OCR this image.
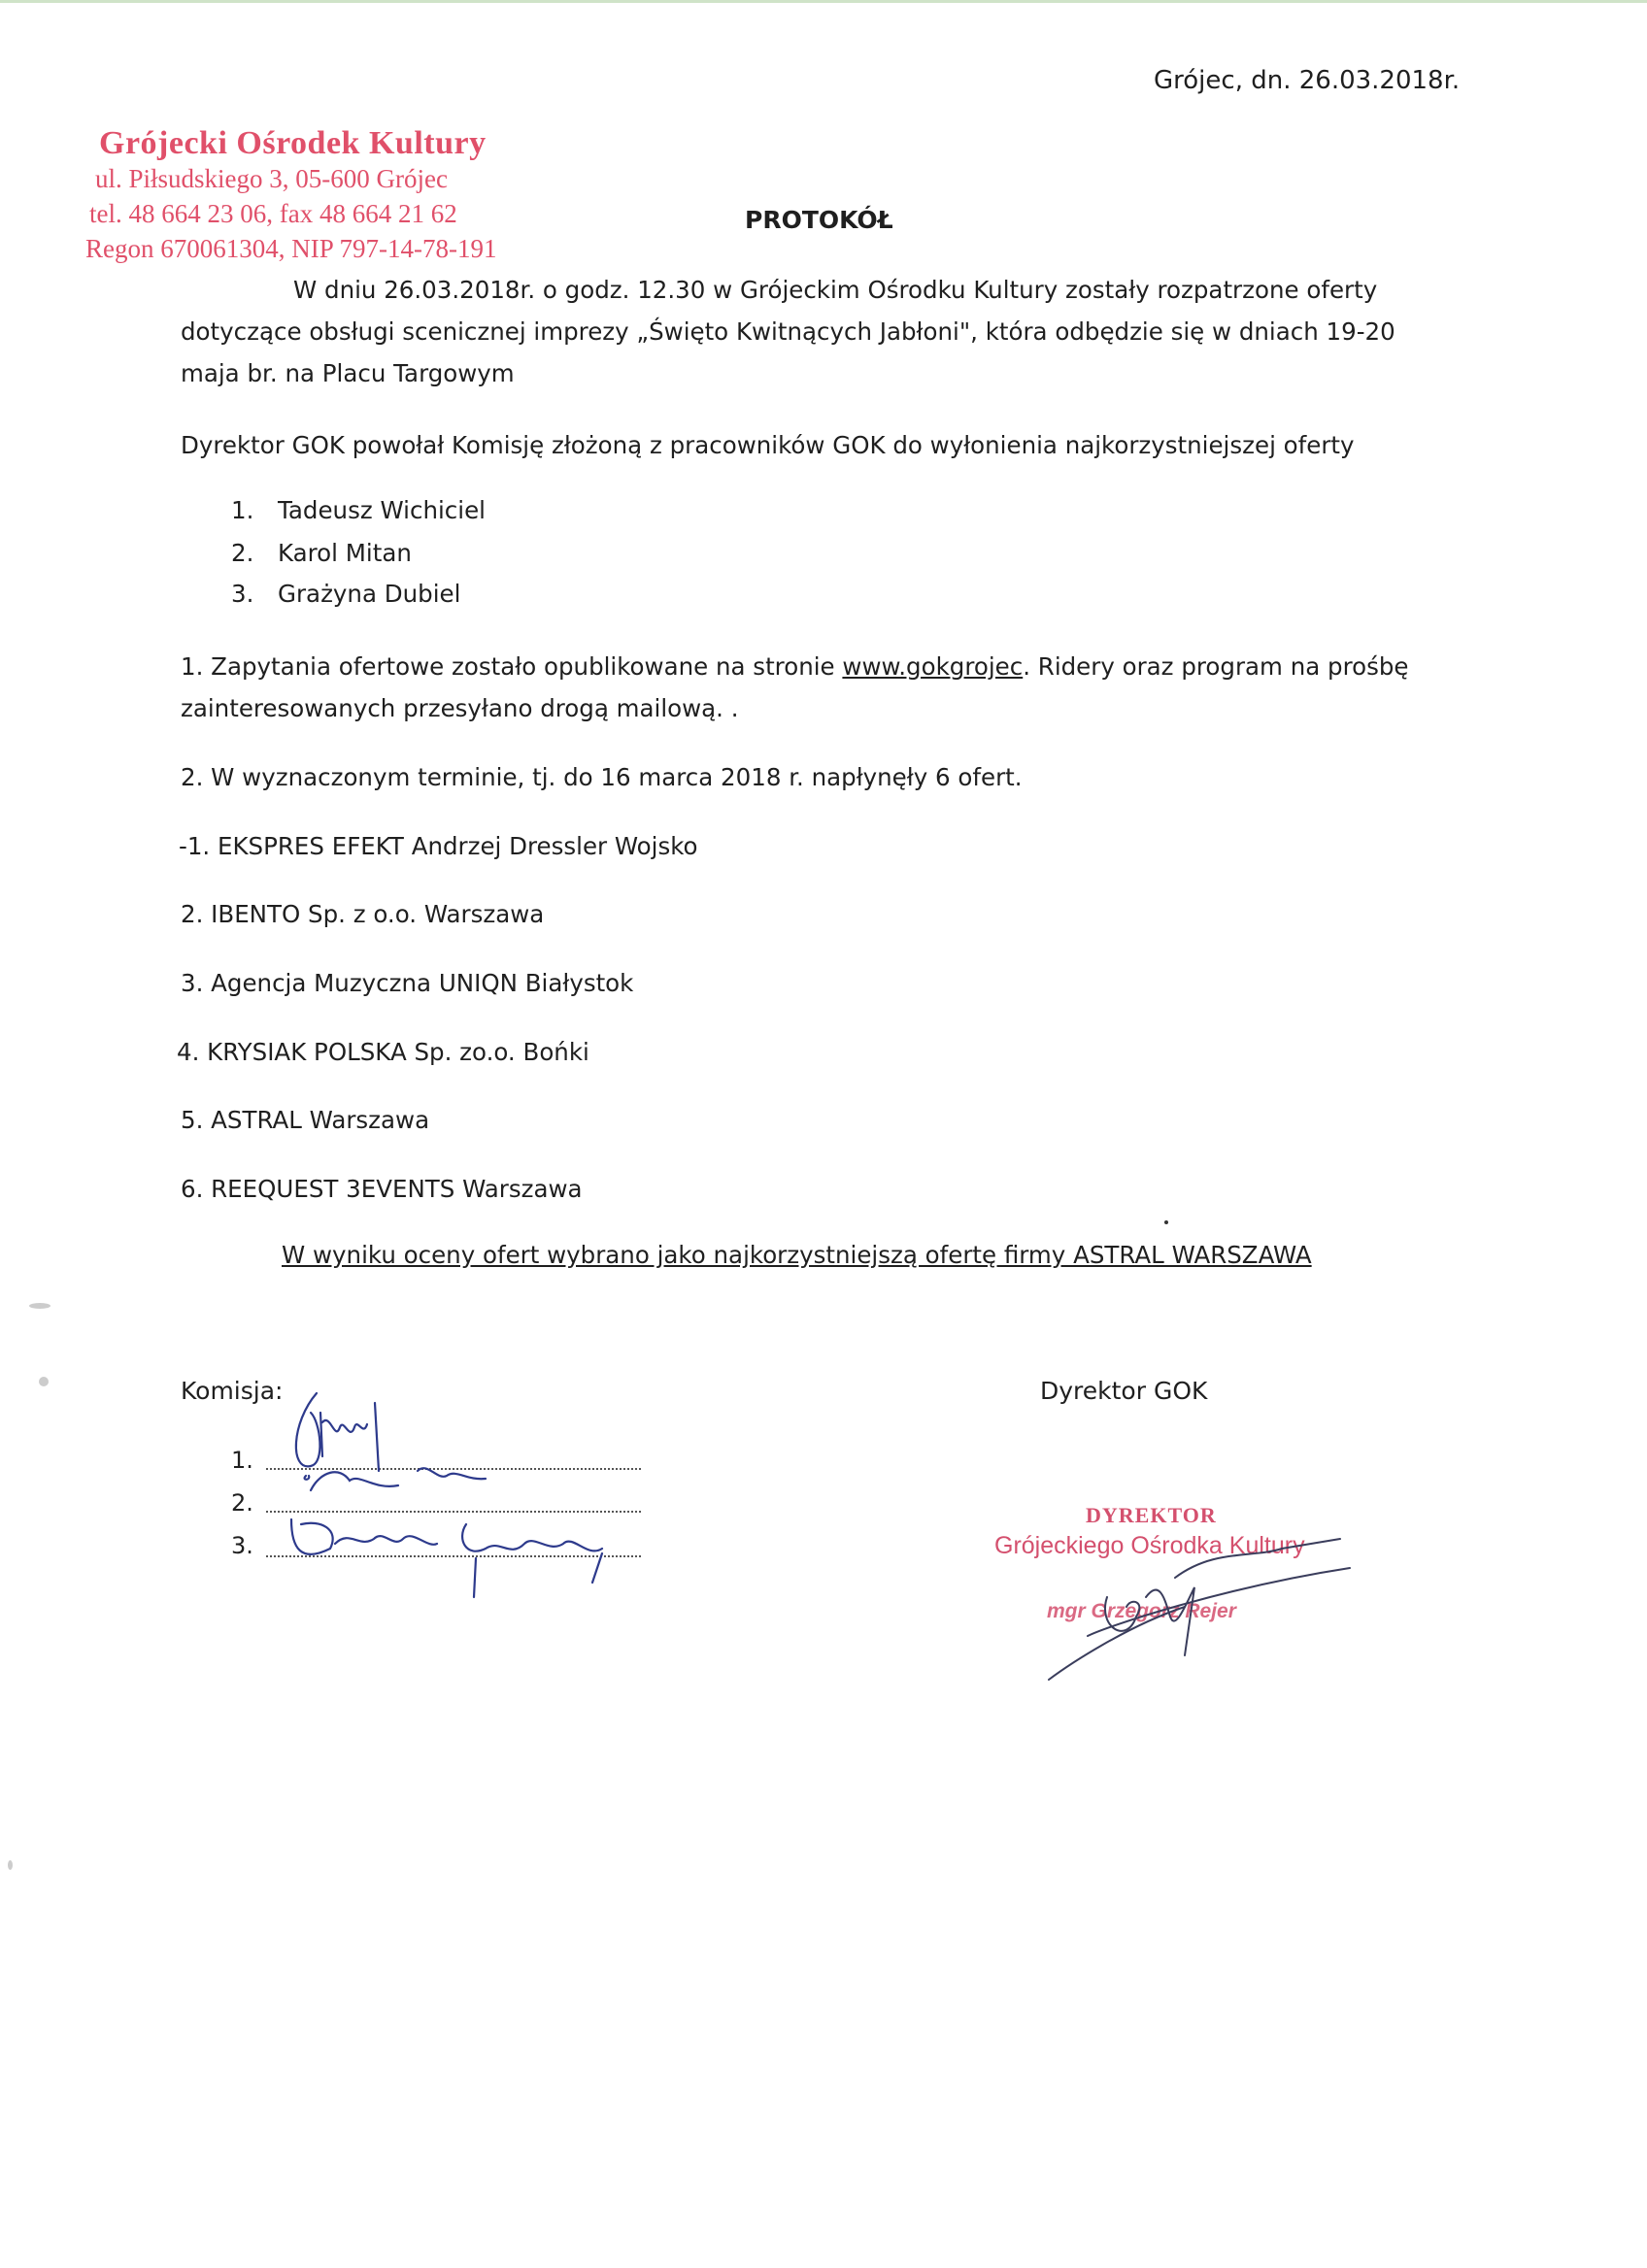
Grójecki Ośrodek Kultury
ul. Piłsudskiego 3, 05-600 Grójec
tel. 48 664 23 06, fax 48 664 21 62
Regon 670061304, NIP 797-14-78-191
Grójec, dn. 26.03.2018r.
PROTOKÓŁ
W dniu 26.03.2018r. o godz. 12.30 w Grójeckim Ośrodku Kultury zostały rozpatrzone oferty
dotyczące obsługi scenicznej imprezy „Święto Kwitnących Jabłoni", która odbędzie się w dniach 19-20
maja br. na Placu Targowym
Dyrektor GOK powołał Komisję złożoną z pracowników GOK do wyłonienia najkorzystniejszej oferty
1. Tadeusz Wichiciel
2. Karol Mitan
3. Grażyna Dubiel
1. Zapytania ofertowe zostało opublikowane na stronie www.gokgrojec. Ridery oraz program na prośbę
zainteresowanych przesyłano drogą mailową. .
2. W wyznaczonym terminie, tj. do 16 marca 2018 r. napłynęły 6 ofert.
-1. EKSPRES EFEKT Andrzej Dressler Wojsko
2. IBENTO Sp. z o.o. Warszawa
3. Agencja Muzyczna UNIQN Białystok
4. KRYSIAK POLSKA Sp. zo.o. Bońki
5. ASTRAL Warszawa
6. REEQUEST 3EVENTS Warszawa
W wyniku oceny ofert wybrano jako najkorzystniejszą ofertę firmy ASTRAL WARSZAWA
Komisja:
1.
2.
3.
Dyrektor GOK
DYREKTOR
Grójeckiego Ośrodka Kultury
mgr Grzegorz Rejer
